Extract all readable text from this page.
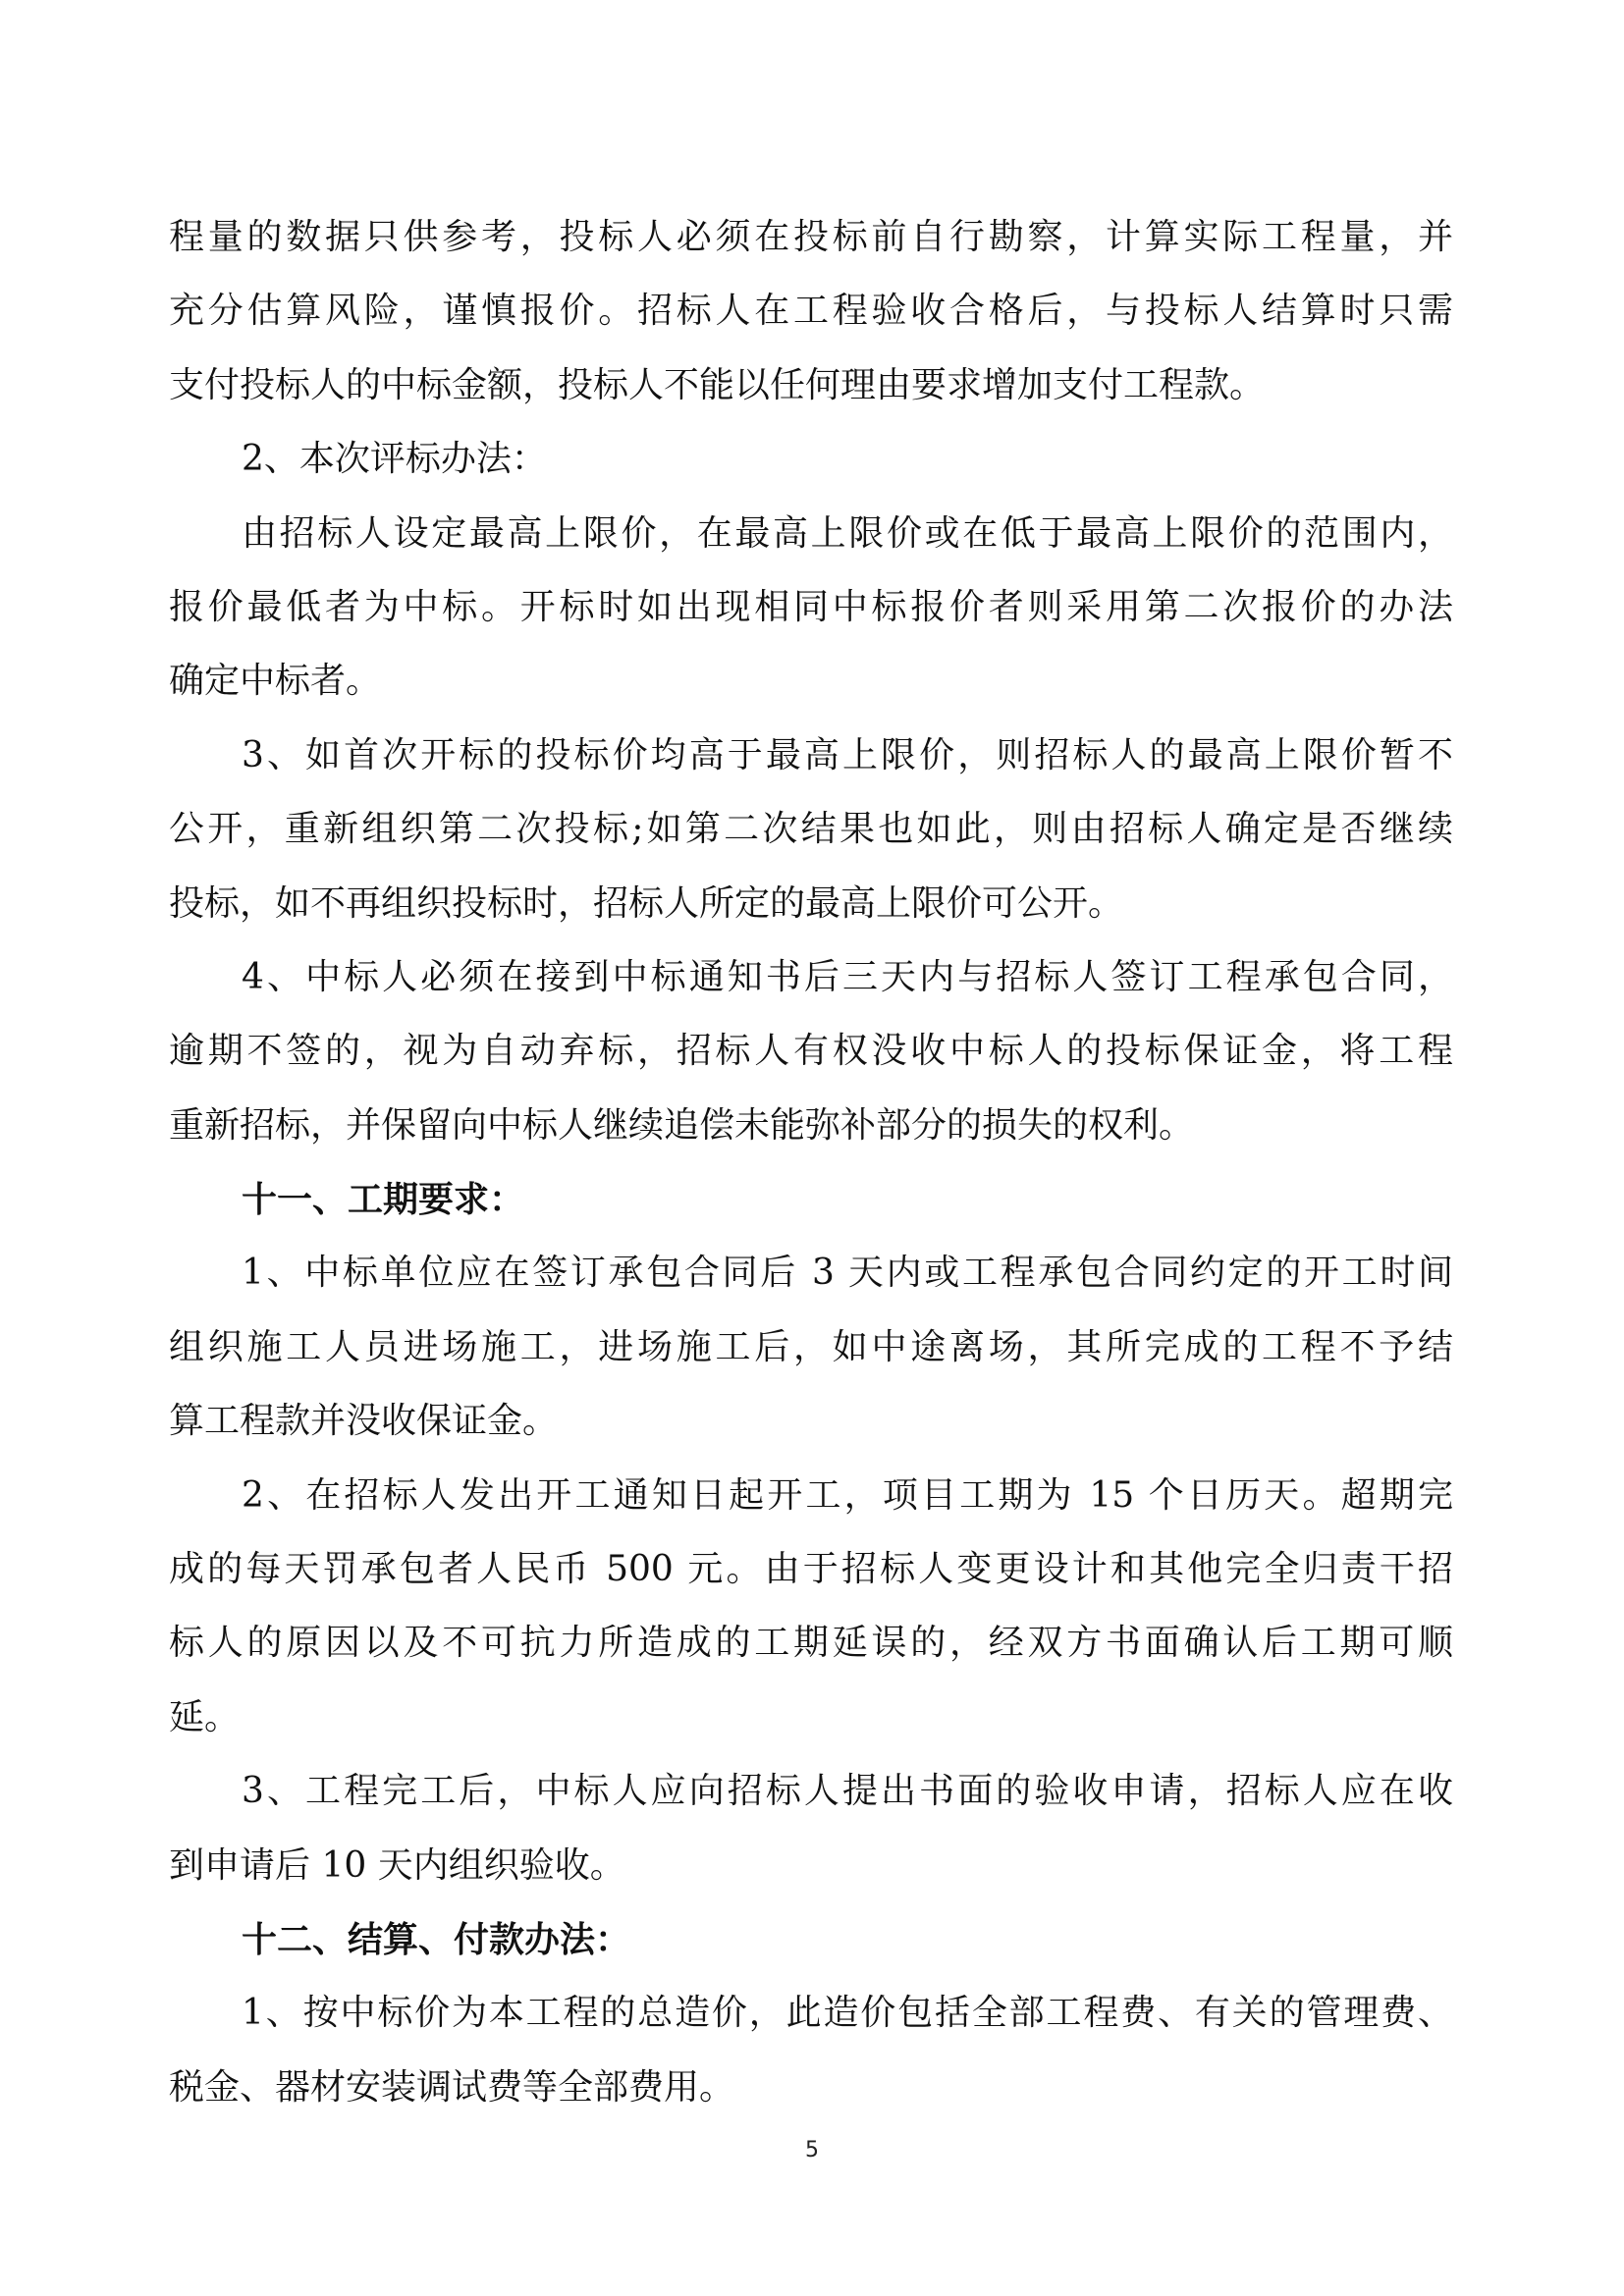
程量的数据只供参考，投标人必须在投标前自行勘察，计算实际工程量，并
充分估算风险，谨慎报价。招标人在工程验收合格后，与投标人结算时只需
支付投标人的中标金额，投标人不能以任何理由要求增加支付工程款。
2、本次评标办法：
由招标人设定最高上限价，在最高上限价或在低于最高上限价的范围内，
报价最低者为中标。开标时如出现相同中标报价者则采用第二次报价的办法
确定中标者。
3、如首次开标的投标价均高于最高上限价，则招标人的最高上限价暂不
公开，重新组织第二次投标;如第二次结果也如此，则由招标人确定是否继续
投标，如不再组织投标时，招标人所定的最高上限价可公开。
4、中标人必须在接到中标通知书后三天内与招标人签订工程承包合同，
逾期不签的，视为自动弃标，招标人有权没收中标人的投标保证金，将工程
重新招标，并保留向中标人继续追偿未能弥补部分的损失的权利。
十一、工期要求：
1、中标单位应在签订承包合同后 3 天内或工程承包合同约定的开工时间
组织施工人员进场施工，进场施工后，如中途离场，其所完成的工程不予结
算工程款并没收保证金。
2、在招标人发出开工通知日起开工，项目工期为 15 个日历天。超期完
成的每天罚承包者人民币 500 元。由于招标人变更设计和其他完全归责干招
标人的原因以及不可抗力所造成的工期延误的，经双方书面确认后工期可顺
延。
3、工程完工后，中标人应向招标人提出书面的验收申请，招标人应在收
到申请后 10 天内组织验收。
十二、结算、付款办法：
1、按中标价为本工程的总造价，此造价包括全部工程费、有关的管理费、
税金、器材安装调试费等全部费用。
5
